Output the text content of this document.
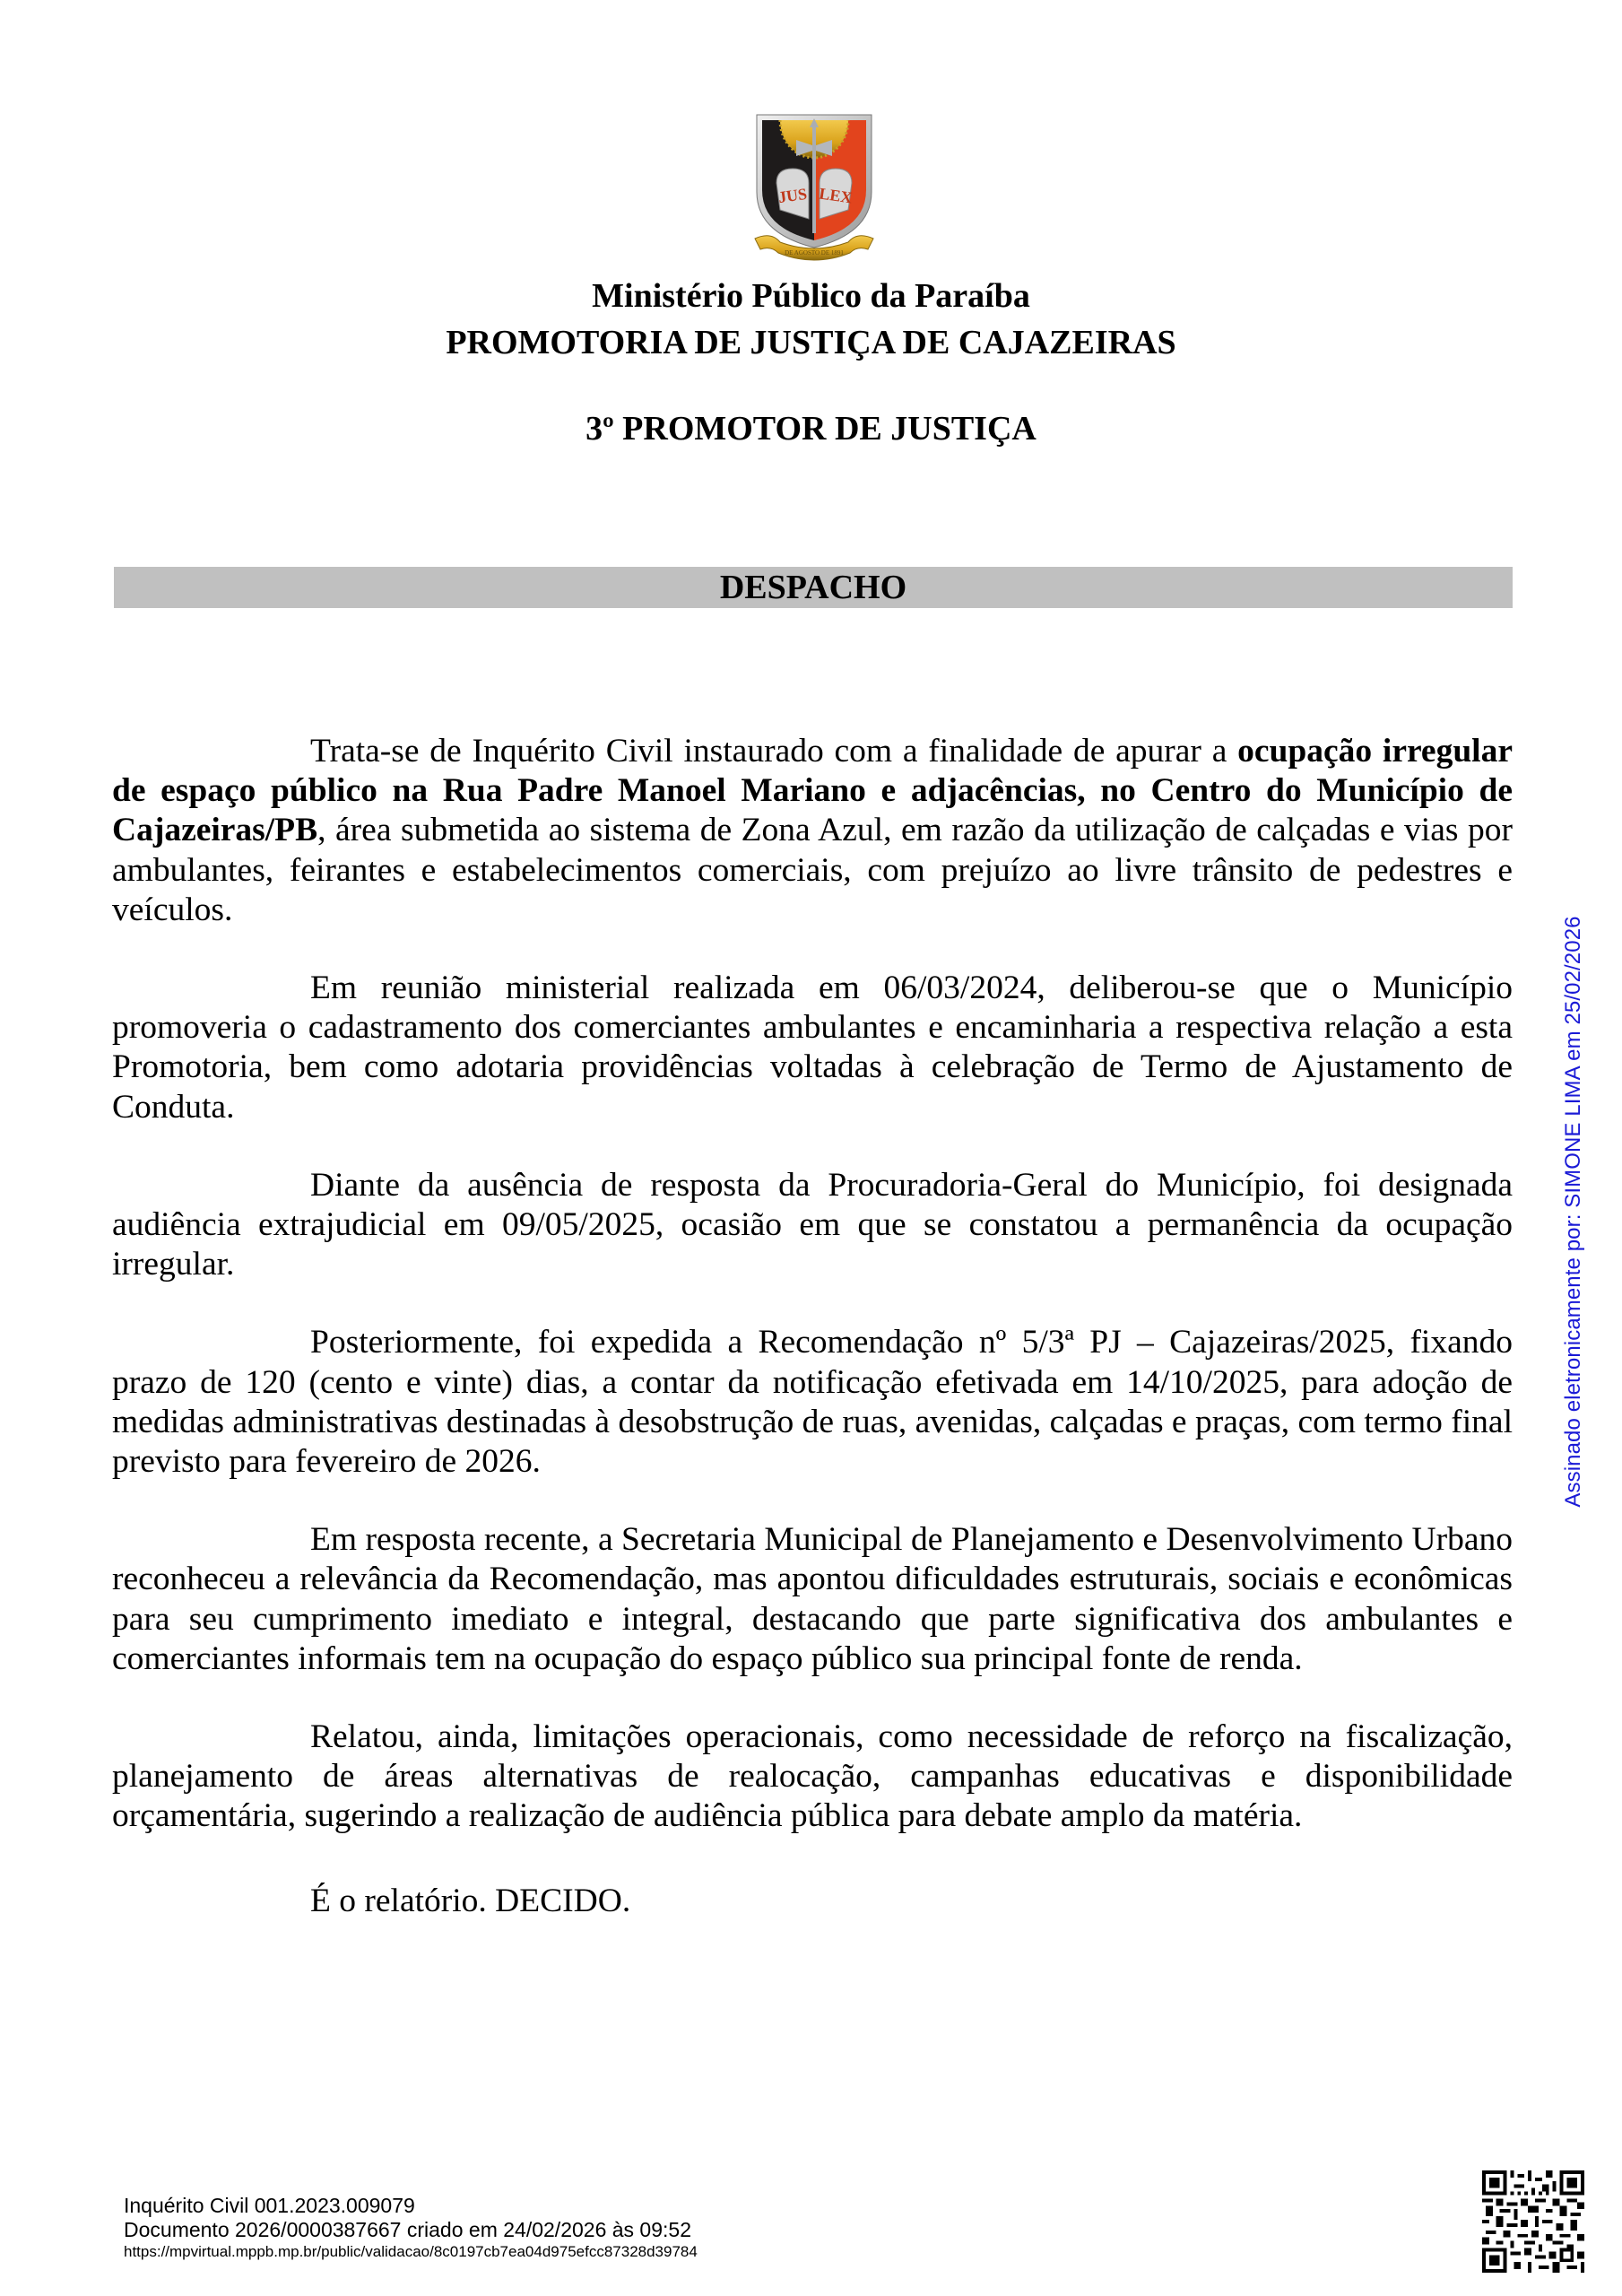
JUS LEX
DE AGOSTO DE 1891
Ministério Público da Paraíba
PROMOTORIA DE JUSTIÇA DE CAJAZEIRAS
3º PROMOTOR DE JUSTIÇA
DESPACHO

Trata-se de Inquérito Civil instaurado com a finalidade de apurar a ocupação irregular de espaço público na Rua Padre Manoel Mariano e adjacências, no Centro do Município de Cajazeiras/PB, área submetida ao sistema de Zona Azul, em razão da utilização de calçadas e vias por ambulantes, feirantes e estabelecimentos comerciais, com prejuízo ao livre trânsito de pedestres e veículos.

Em reunião ministerial realizada em 06/03/2024, deliberou-se que o Município promoveria o cadastramento dos comerciantes ambulantes e encaminharia a respectiva relação a esta Promotoria, bem como adotaria providências voltadas à celebração de Termo de Ajustamento de Conduta.

Diante da ausência de resposta da Procuradoria-Geral do Município, foi designada audiência extrajudicial em 09/05/2025, ocasião em que se constatou a permanência da ocupação irregular.

Posteriormente, foi expedida a Recomendação nº 5/3ª PJ – Cajazeiras/2025, fixando prazo de 120 (cento e vinte) dias, a contar da notificação efetivada em 14/10/2025, para adoção de medidas administrativas destinadas à desobstrução de ruas, avenidas, calçadas e praças, com termo final previsto para fevereiro de 2026.

Em resposta recente, a Secretaria Municipal de Planejamento e Desenvolvimento Urbano reconheceu a relevância da Recomendação, mas apontou dificuldades estruturais, sociais e econômicas para seu cumprimento imediato e integral, destacando que parte significativa dos ambulantes e comerciantes informais tem na ocupação do espaço público sua principal fonte de renda.

Relatou, ainda, limitações operacionais, como necessidade de reforço na fiscalização, planejamento de áreas alternativas de realocação, campanhas educativas e disponibilidade orçamentária, sugerindo a realização de audiência pública para debate amplo da matéria.

É o relatório. DECIDO.

Assinado eletronicamente por: SIMONE LIMA em 25/02/2026
Inquérito Civil 001.2023.009079
Documento 2026/0000387667 criado em 24/02/2026 às 09:52
https://mpvirtual.mppb.mp.br/public/validacao/8c0197cb7ea04d975efcc87328d39784
